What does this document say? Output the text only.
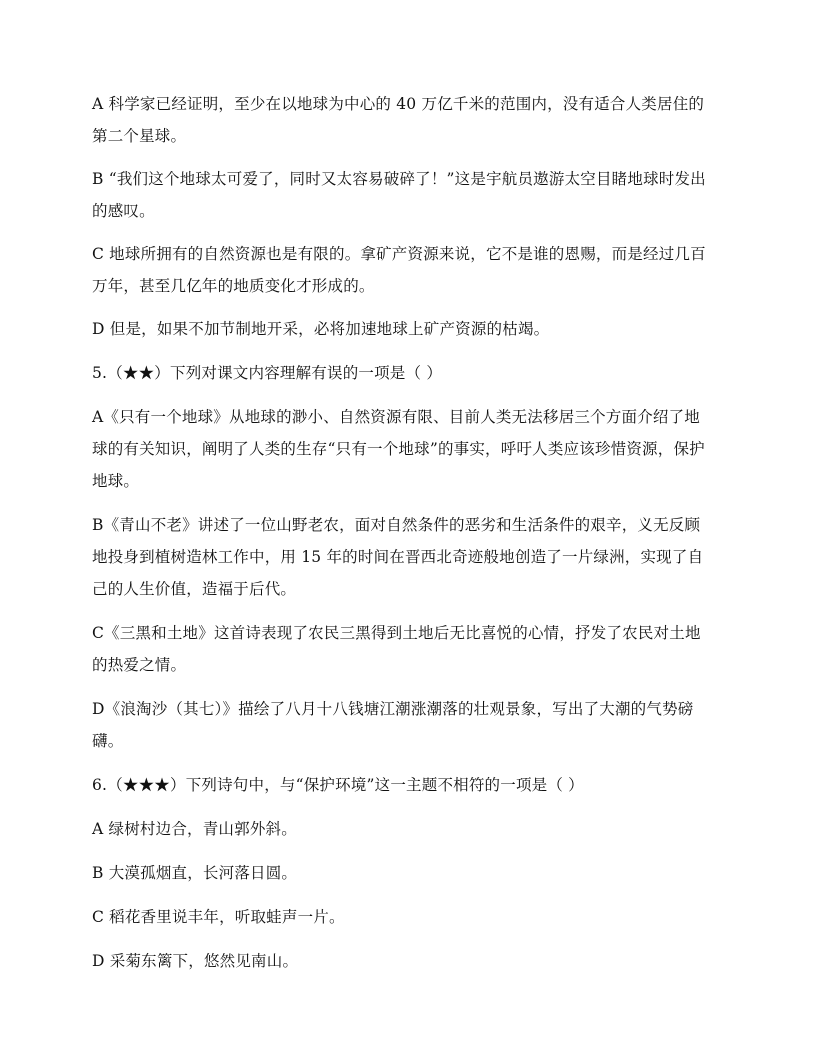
A 科学家已经证明，至少在以地球为中心的 40 万亿千米的范围内，没有适合人类居住的
第二个星球。

B “我们这个地球太可爱了，同时又太容易破碎了！”这是宇航员遨游太空目睹地球时发出
的感叹。

C 地球所拥有的自然资源也是有限的。拿矿产资源来说，它不是谁的恩赐，而是经过几百
万年，甚至几亿年的地质变化才形成的。

D 但是，如果不加节制地开采，必将加速地球上矿产资源的枯竭。

5.（★★）下列对课文内容理解有误的一项是（ ）

A《只有一个地球》从地球的渺小、自然资源有限、目前人类无法移居三个方面介绍了地
球的有关知识，阐明了人类的生存“只有一个地球”的事实，呼吁人类应该珍惜资源，保护
地球。

B《青山不老》讲述了一位山野老农，面对自然条件的恶劣和生活条件的艰辛，义无反顾
地投身到植树造林工作中，用 15 年的时间在晋西北奇迹般地创造了一片绿洲，实现了自
己的人生价值，造福于后代。

C《三黑和土地》这首诗表现了农民三黑得到土地后无比喜悦的心情，抒发了农民对土地
的热爱之情。

D《浪淘沙（其七）》描绘了八月十八钱塘江潮涨潮落的壮观景象，写出了大潮的气势磅
礴。

6.（★★★）下列诗句中，与“保护环境”这一主题不相符的一项是（ ）

A 绿树村边合，青山郭外斜。

B 大漠孤烟直，长河落日圆。

C 稻花香里说丰年，听取蛙声一片。

D 采菊东篱下，悠然见南山。
